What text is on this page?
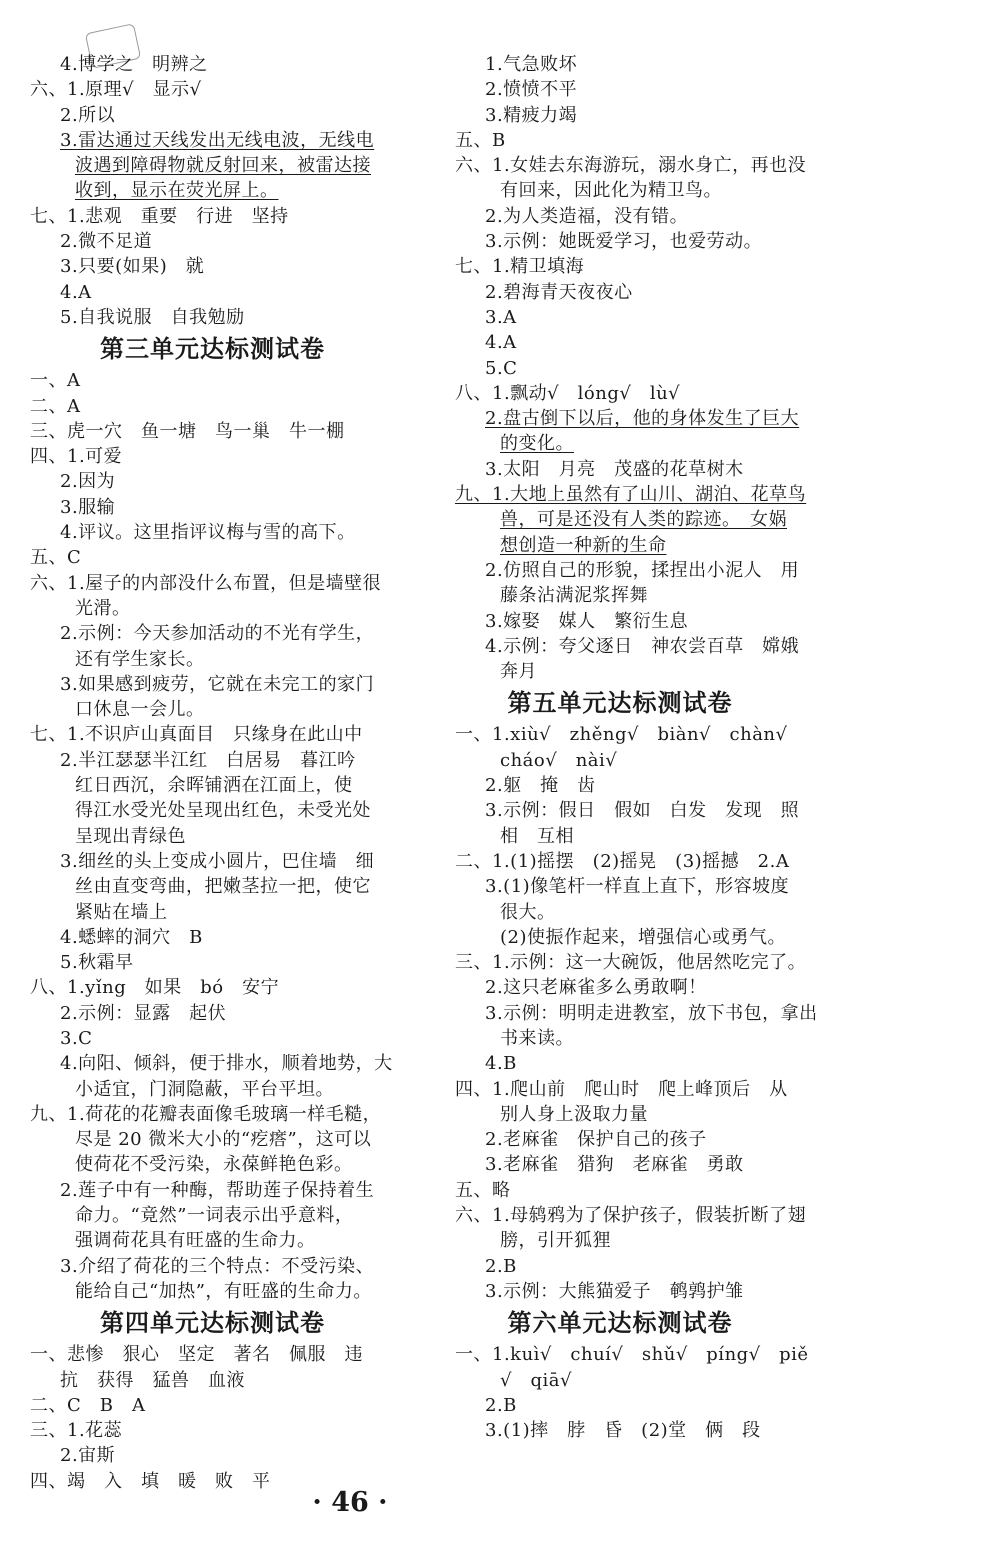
4.博学之　明辨之
六、1.原理√　显示√
2.所以
3.雷达通过天线发出无线电波，无线电
波遇到障碍物就反射回来，被雷达接
收到，显示在荧光屏上。
七、1.悲观　重要　行进　坚持
2.微不足道
3.只要(如果)　就
4.A
5.自我说服　自我勉励
第三单元达标测试卷
一、A
二、A
三、虎一穴　鱼一塘　鸟一巢　牛一棚
四、1.可爱
2.因为
3.服输
4.评议。这里指评议梅与雪的高下。
五、C
六、1.屋子的内部没什么布置，但是墙壁很
光滑。
2.示例：今天参加活动的不光有学生，
还有学生家长。
3.如果感到疲劳，它就在未完工的家门
口休息一会儿。
七、1.不识庐山真面目　只缘身在此山中
2.半江瑟瑟半江红　白居易　暮江吟
红日西沉，余晖铺洒在江面上，使
得江水受光处呈现出红色，未受光处
呈现出青绿色
3.细丝的头上变成小圆片，巴住墙　细
丝由直变弯曲，把嫩茎拉一把，使它
紧贴在墙上
4.蟋蟀的洞穴　B
5.秋霜早
八、1.yǐng　如果　bó　安宁
2.示例：显露　起伏
3.C
4.向阳、倾斜，便于排水，顺着地势，大
小适宜，门洞隐蔽，平台平坦。
九、1.荷花的花瓣表面像毛玻璃一样毛糙，
尽是 20 微米大小的“疙瘩”，这可以
使荷花不受污染，永葆鲜艳色彩。
2.莲子中有一种酶，帮助莲子保持着生
命力。“竟然”一词表示出乎意料，
强调荷花具有旺盛的生命力。
3.介绍了荷花的三个特点：不受污染、
能给自己“加热”，有旺盛的生命力。
第四单元达标测试卷
一、悲惨　狠心　坚定　著名　佩服　违
抗　获得　猛兽　血液
二、C　B　A
三、1.花蕊
2.宙斯
四、竭　入　填　暖　败　平
1.气急败坏
2.愤愤不平
3.精疲力竭
五、B
六、1.女娃去东海游玩，溺水身亡，再也没
有回来，因此化为精卫鸟。
2.为人类造福，没有错。
3.示例：她既爱学习，也爱劳动。
七、1.精卫填海
2.碧海青天夜夜心
3.A
4.A
5.C
八、1.飘动√　lóng√　lù√
2.盘古倒下以后，他的身体发生了巨大
的变化。
3.太阳　月亮　茂盛的花草树木
九、1.大地上虽然有了山川、湖泊、花草鸟
兽，可是还没有人类的踪迹。　女娲
想创造一种新的生命
2.仿照自己的形貌，揉捏出小泥人　用
藤条沾满泥浆挥舞
3.嫁娶　媒人　繁衍生息
4.示例：夸父逐日　神农尝百草　嫦娥
奔月
第五单元达标测试卷
一、1.xiù√　zhěng√　biàn√　chàn√
cháo√　nài√
2.躯　掩　齿
3.示例：假日　假如　白发　发现　照
相　互相
二、1.(1)摇摆　(2)摇晃　(3)摇撼　2.A
3.(1)像笔杆一样直上直下，形容坡度
很大。
(2)使振作起来，增强信心或勇气。
三、1.示例：这一大碗饭，他居然吃完了。
2.这只老麻雀多么勇敢啊！
3.示例：明明走进教室，放下书包，拿出
书来读。
4.B
四、1.爬山前　爬山时　爬上峰顶后　从
别人身上汲取力量
2.老麻雀　保护自己的孩子
3.老麻雀　猎狗　老麻雀　勇敢
五、略
六、1.母鸫鸦为了保护孩子，假装折断了翅
膀，引开狐狸
2.B
3.示例：大熊猫爱子　鹌鹑护雏
第六单元达标测试卷
一、1.kuì√　chuí√　shǔ√　píng√　piě
√　qiā√
2.B
3.(1)摔　脖　昏　(2)堂　俩　段
· 46 ·
